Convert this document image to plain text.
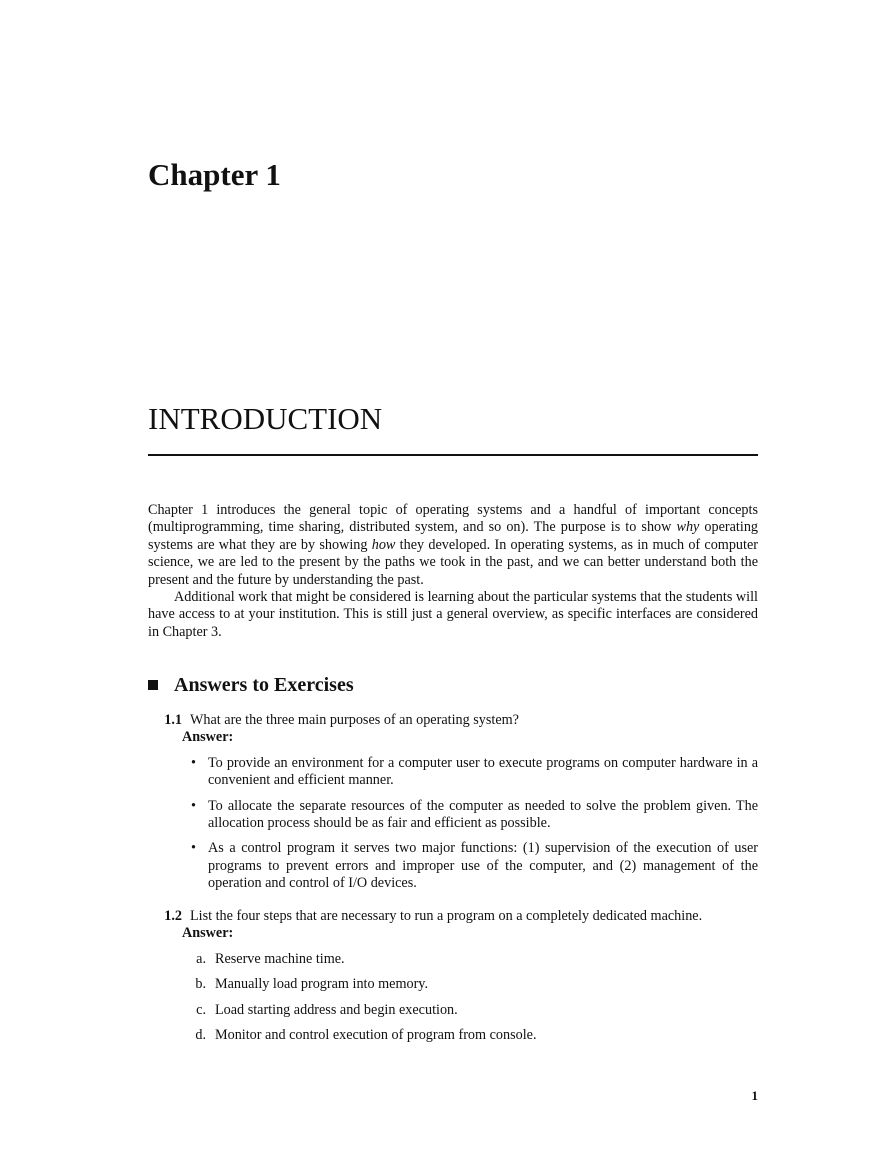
Chapter 1
INTRODUCTION

Chapter 1 introduces the general topic of operating systems and a handful of important concepts (multiprogramming, time sharing, distributed system, and so on). The purpose is to show why operating systems are what they are by showing how they developed. In operating systems, as in much of computer science, we are led to the present by the paths we took in the past, and we can better understand both the present and the future by understanding the past.

Additional work that might be considered is learning about the particular systems that the students will have access to at your institution. This is still just a general overview, as specific interfaces are considered in Chapter 3.

Answers to Exercises
1.1 What are the three main purposes of an operating system?
Answer:
• To provide an environment for a computer user to execute programs on computer hardware in a convenient and efficient manner.
• To allocate the separate resources of the computer as needed to solve the problem given. The allocation process should be as fair and efficient as possible.
• As a control program it serves two major functions: (1) supervision of the execution of user programs to prevent errors and improper use of the computer, and (2) management of the operation and control of I/O devices.
1.2 List the four steps that are necessary to run a program on a completely dedicated machine.
Answer:
a. Reserve machine time.
b. Manually load program into memory.
c. Load starting address and begin execution.
d. Monitor and control execution of program from console.
1
